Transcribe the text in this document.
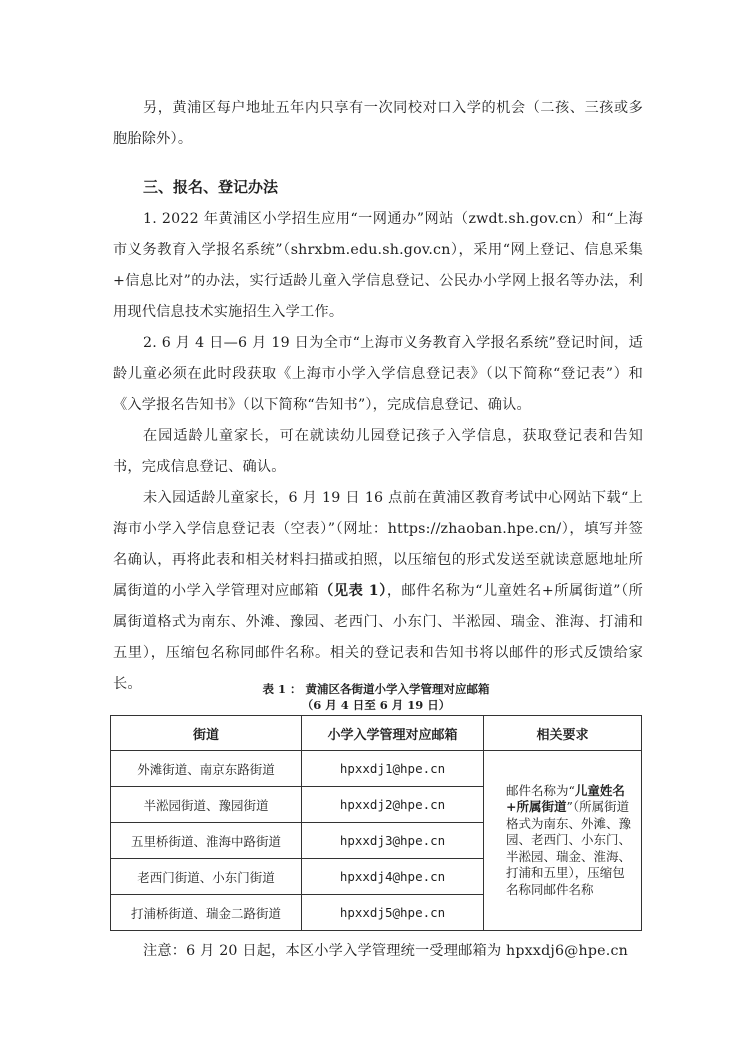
另，黄浦区每户地址五年内只享有一次同校对口入学的机会（二孩、三孩或多胞胎除外）。

三、报名、登记办法

1. 2022 年黄浦区小学招生应用“一网通办”网站（zwdt.sh.gov.cn）和“上海市义务教育入学报名系统”（shrxbm.edu.sh.gov.cn），采用“网上登记、信息采集+信息比对”的办法，实行适龄儿童入学信息登记、公民办小学网上报名等办法，利用现代信息技术实施招生入学工作。

2. 6 月 4 日—6 月 19 日为全市“上海市义务教育入学报名系统”登记时间，适龄儿童必须在此时段获取《上海市小学入学信息登记表》（以下简称“登记表”）和《入学报名告知书》（以下简称“告知书”），完成信息登记、确认。

在园适龄儿童家长，可在就读幼儿园登记孩子入学信息，获取登记表和告知书，完成信息登记、确认。

未入园适龄儿童家长，6 月 19 日 16 点前在黄浦区教育考试中心网站下载“上海市小学入学信息登记表（空表）”（网址：https://zhaoban.hpe.cn/），填写并签名确认，再将此表和相关材料扫描或拍照，以压缩包的形式发送至就读意愿地址所属街道的小学入学管理对应邮箱（见表 1），邮件名称为“儿童姓名+所属街道”（所属街道格式为南东、外滩、豫园、老西门、小东门、半淞园、瑞金、淮海、打浦和五里），压缩包名称同邮件名称。相关的登记表和告知书将以邮件的形式反馈给家长。	表 1 ： 黄浦区各街道小学入学管理对应邮箱
（6 月 4 日至 6 月 19 日）
街道	小学入学管理对应邮箱	相关要求
外滩街道、南京东路街道	hpxxdj1@hpe.cn	邮件名称为“儿童姓名+所属街道”（所属街道格式为南东、外滩、豫园、老西门、小东门、半淞园、瑞金、淮海、打浦和五里），压缩包名称同邮件名称
半淞园街道、豫园街道	hpxxdj2@hpe.cn	
五里桥街道、淮海中路街道	hpxxdj3@hpe.cn	
老西门街道、小东门街道	hpxxdj4@hpe.cn	
打浦桥街道、瑞金二路街道	hpxxdj5@hpe.cn	

注意：6 月 20 日起，本区小学入学管理统一受理邮箱为 hpxxdj6@hpe.cn
